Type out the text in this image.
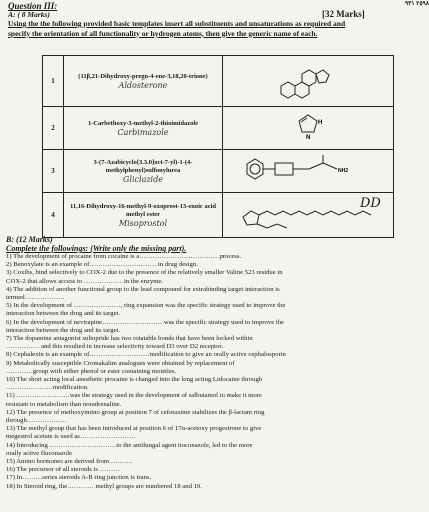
Question III:
A: ( 8 Marks)	[32 Marks]
٢٥٩٨ ٩٣١
Using the the following provided basic templates insert all substituents and unsaturations as required and specify the orientation of all functionality or hydrogen atoms, then give the generic name of each.
1	(11β,21-Dihydroxy-pregn-4-ene-3,18,20-trione)
Aldosterone

2	1-Carbethoxy-3-methyl-2-thioimidazole
Carbimazole	N
H

3	3-(7-Azabicyclo[3.3.0]oct-7-yl)-1-(4-methylphenyl)sulfonylurea
Gliclazide	NH2

4	11,16-Dihydroxy-16-methyl-9-oxoprost-13-enoic acid methyl ester
Misoprostol

DD
B: (12 Marks)
Complete the followings: (Write only the missing part).
1) The development of procaine from cocaine is a………………………………process.
2) Benoxylate is an example of………………………… in drug design.
3) Coxibs, bind selectively to COX-2 due to the presence of the relatively smaller Valine 523 residue in
COX-2 that allows access to ………………in the enzyme.
4) The addition of another functional group to the lead compound for extrabinding target interaction is
termed………………
5) In the development of …………………, ring expansion was the specific strategy used to improve the
interaction between the drug and its target.
6) In the development of nevirapine……………………… was the specific strategy used to improve the
interaction between the drug and its target.
7) The dopamine antagonist sultopride has two rotatable bonds that have been locked within
…………… and this resulted in increase selectivity toward D3 over D2 receptor.
8) Cephalexin is an example of………………………modification to give an orally active cephalosporin
9) Metabolically susceptible Cromakalim analogues were obtained by replacement of
…………group with either phenol or ester containing moieties.
10) The short acting local anesthetic procaine is changed into the long acting Lidocaine through
…………………modification.
11) ……………………was the strategy used in the development of salbutamol to make it more
resistant to metabolism than noradrenaline.
12) The presence of methoxyimino group at position 7 of cefotaxime stabilizes the β-lactam ring
through………………
13) The methyl group that has been introduced at position 6 of 17α-acetoxy progestrone to give
megestrol acetate is used as…………………….
14) Introducing …………………………to the antifungal agent tioconazole, led to the more
orally active fluconazole
15) Amino hormones are derived from ……….
16) The precursor of all steroids is ………
17) In………series steroids A-B ring junction is trans.
18) In Steroid ring, the………… methyl groups are numbered 18 and 19.
